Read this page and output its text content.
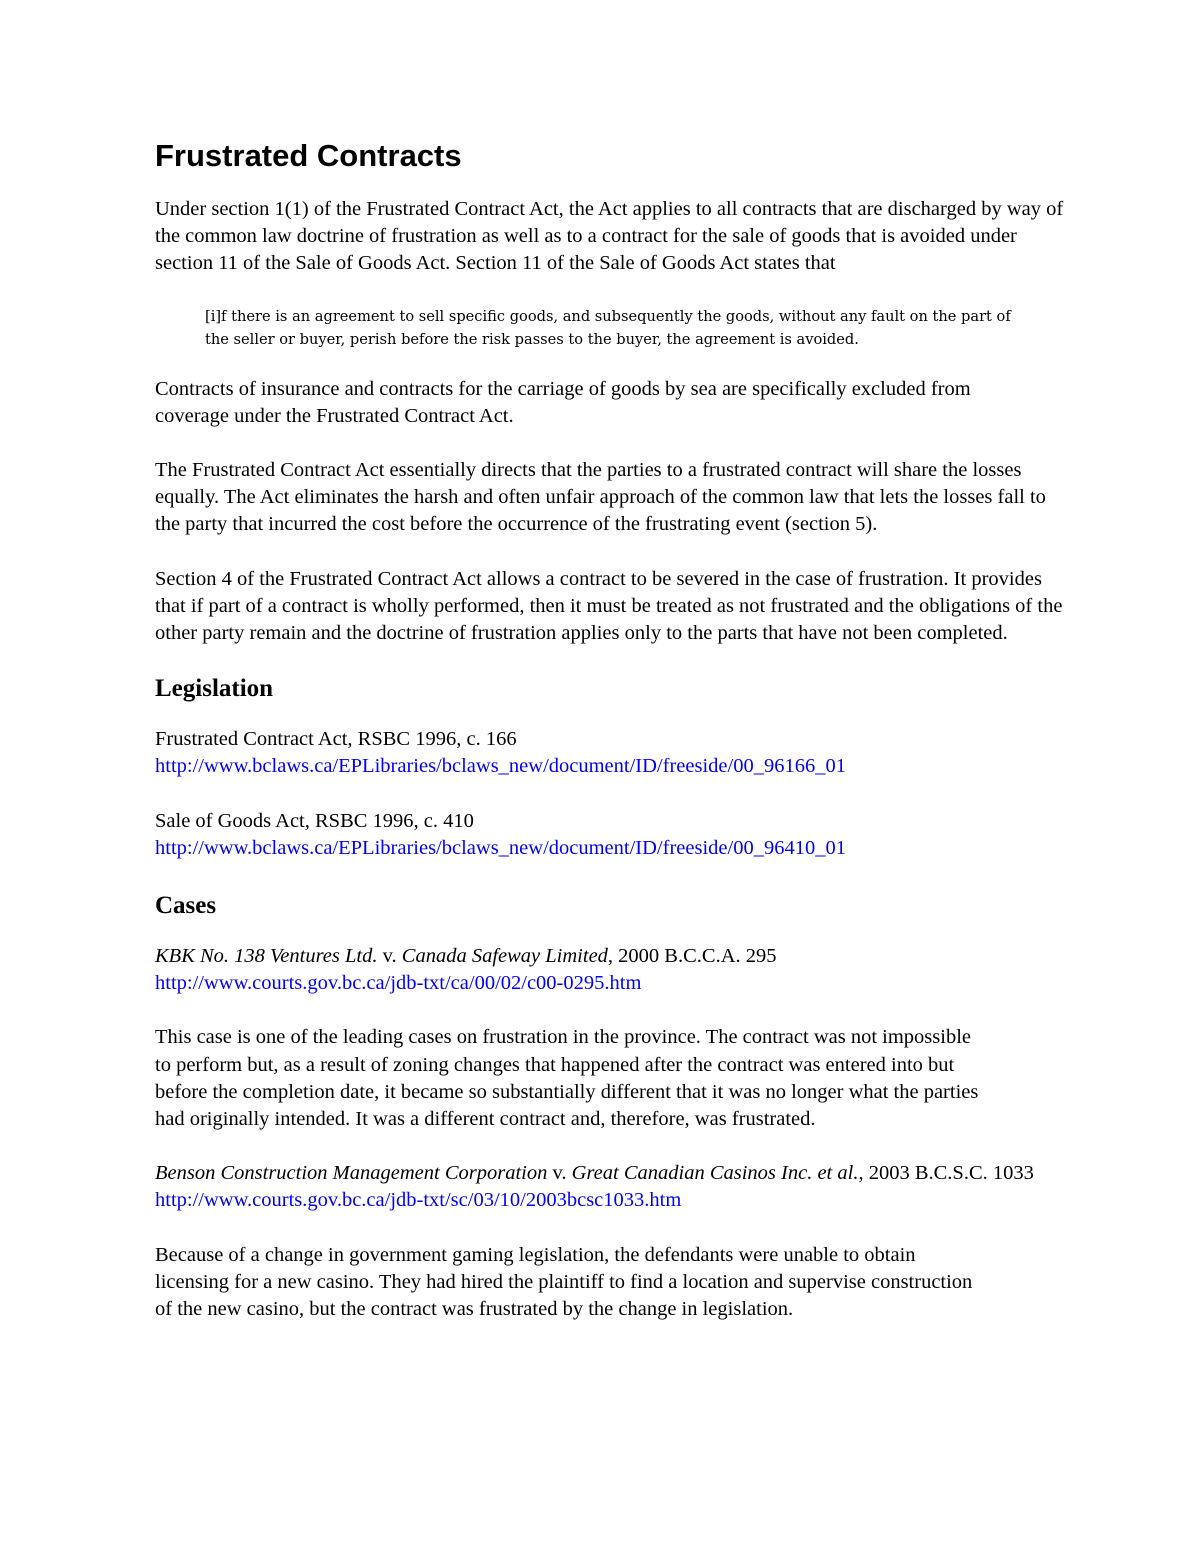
Frustrated Contracts

Under section 1(1) of the Frustrated Contract Act, the Act applies to all contracts that are discharged by way of the common law doctrine of frustration as well as to a contract for the sale of goods that is avoided under section 11 of the Sale of Goods Act. Section 11 of the Sale of Goods Act states that

[i]f there is an agreement to sell specific goods, and subsequently the goods, without any fault on the part of the seller or buyer, perish before the risk passes to the buyer, the agreement is avoided.

Contracts of insurance and contracts for the carriage of goods by sea are specifically excluded from coverage under the Frustrated Contract Act.

The Frustrated Contract Act essentially directs that the parties to a frustrated contract will share the losses equally. The Act eliminates the harsh and often unfair approach of the common law that lets the losses fall to the party that incurred the cost before the occurrence of the frustrating event (section 5).

Section 4 of the Frustrated Contract Act allows a contract to be severed in the case of frustration. It provides that if part of a contract is wholly performed, then it must be treated as not frustrated and the obligations of the other party remain and the doctrine of frustration applies only to the parts that have not been completed.

Legislation
Frustrated Contract Act, RSBC 1996, c. 166
http://www.bclaws.ca/EPLibraries/bclaws_new/document/ID/freeside/00_96166_01
Sale of Goods Act, RSBC 1996, c. 410
http://www.bclaws.ca/EPLibraries/bclaws_new/document/ID/freeside/00_96410_01
Cases
KBK No. 138 Ventures Ltd. v. Canada Safeway Limited, 2000 B.C.C.A. 295
http://www.courts.gov.bc.ca/jdb-txt/ca/00/02/c00-0295.htm

This case is one of the leading cases on frustration in the province. The contract was not impossible to perform but, as a result of zoning changes that happened after the contract was entered into but before the completion date, it became so substantially different that it was no longer what the parties had originally intended. It was a different contract and, therefore, was frustrated.

Benson Construction Management Corporation v. Great Canadian Casinos Inc. et al., 2003 B.C.S.C. 1033 http://www.courts.gov.bc.ca/jdb-txt/sc/03/10/2003bcsc1033.htm

Because of a change in government gaming legislation, the defendants were unable to obtain licensing for a new casino. They had hired the plaintiff to find a location and supervise construction of the new casino, but the contract was frustrated by the change in legislation.
